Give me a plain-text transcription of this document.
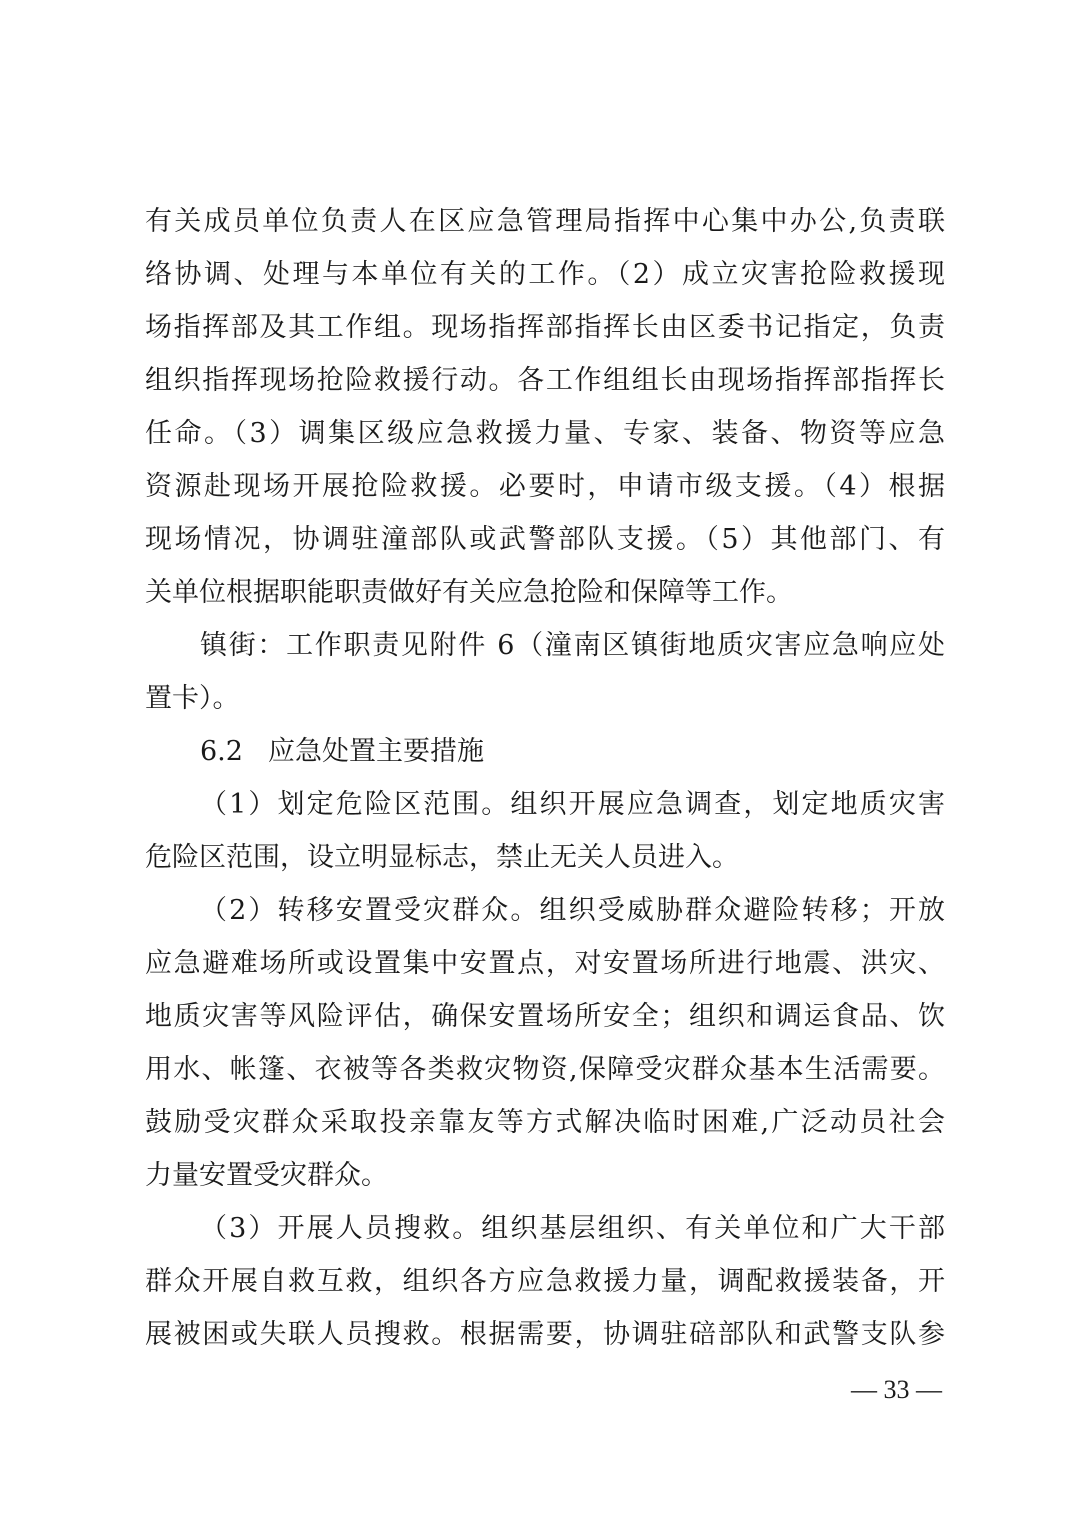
有关成员单位负责人在区应急管理局指挥中心集中办公,负责联
络协调、处理与本单位有关的工作。（2）成立灾害抢险救援现
场指挥部及其工作组。现场指挥部指挥长由区委书记指定，负责
组织指挥现场抢险救援行动。各工作组组长由现场指挥部指挥长
任命。（3）调集区级应急救援力量、专家、装备、物资等应急
资源赴现场开展抢险救援。必要时，申请市级支援。（4）根据
现场情况，协调驻潼部队或武警部队支援。（5）其他部门、有
关单位根据职能职责做好有关应急抢险和保障等工作。
镇街：工作职责见附件 6（潼南区镇街地质灾害应急响应处
置卡）。
6.2 应急处置主要措施
（1）划定危险区范围。组织开展应急调查，划定地质灾害
危险区范围，设立明显标志，禁止无关人员进入。
（2）转移安置受灾群众。组织受威胁群众避险转移；开放
应急避难场所或设置集中安置点，对安置场所进行地震、洪灾、
地质灾害等风险评估，确保安置场所安全；组织和调运食品、饮
用水、帐篷、衣被等各类救灾物资,保障受灾群众基本生活需要。
鼓励受灾群众采取投亲靠友等方式解决临时困难,广泛动员社会
力量安置受灾群众。
（3）开展人员搜救。组织基层组织、有关单位和广大干部
群众开展自救互救，组织各方应急救援力量，调配救援装备，开
展被困或失联人员搜救。根据需要，协调驻碚部队和武警支队参
— 33 —
